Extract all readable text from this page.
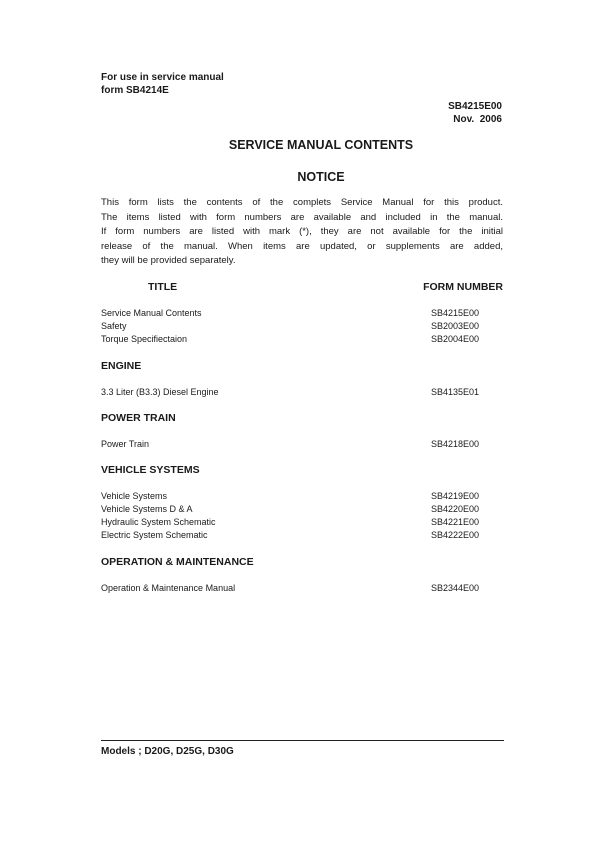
For use in service manual
form SB4214E
SB4215E00
Nov.  2006
SERVICE MANUAL CONTENTS
NOTICE
This form lists the contents of the complets Service Manual for this product.
The items listed with form numbers are available and included in the manual.
If form numbers are listed with mark (*), they are not available for the initial
release of the manual. When items are updated, or supplements are added,
they will be provided separately.
TITLE	FORM NUMBER
Service Manual Contents	SB4215E00
Safety	SB2003E00
Torque Specifiectaion	SB2004E00
ENGINE
3.3 Liter (B3.3) Diesel Engine	SB4135E01
POWER TRAIN
Power Train	SB4218E00
VEHICLE SYSTEMS
Vehicle Systems	SB4219E00
Vehicle Systems D & A	SB4220E00
Hydraulic System Schematic	SB4221E00
Electric System Schematic	SB4222E00
OPERATION & MAINTENANCE
Operation & Maintenance Manual	SB2344E00
Models ; D20G, D25G, D30G
